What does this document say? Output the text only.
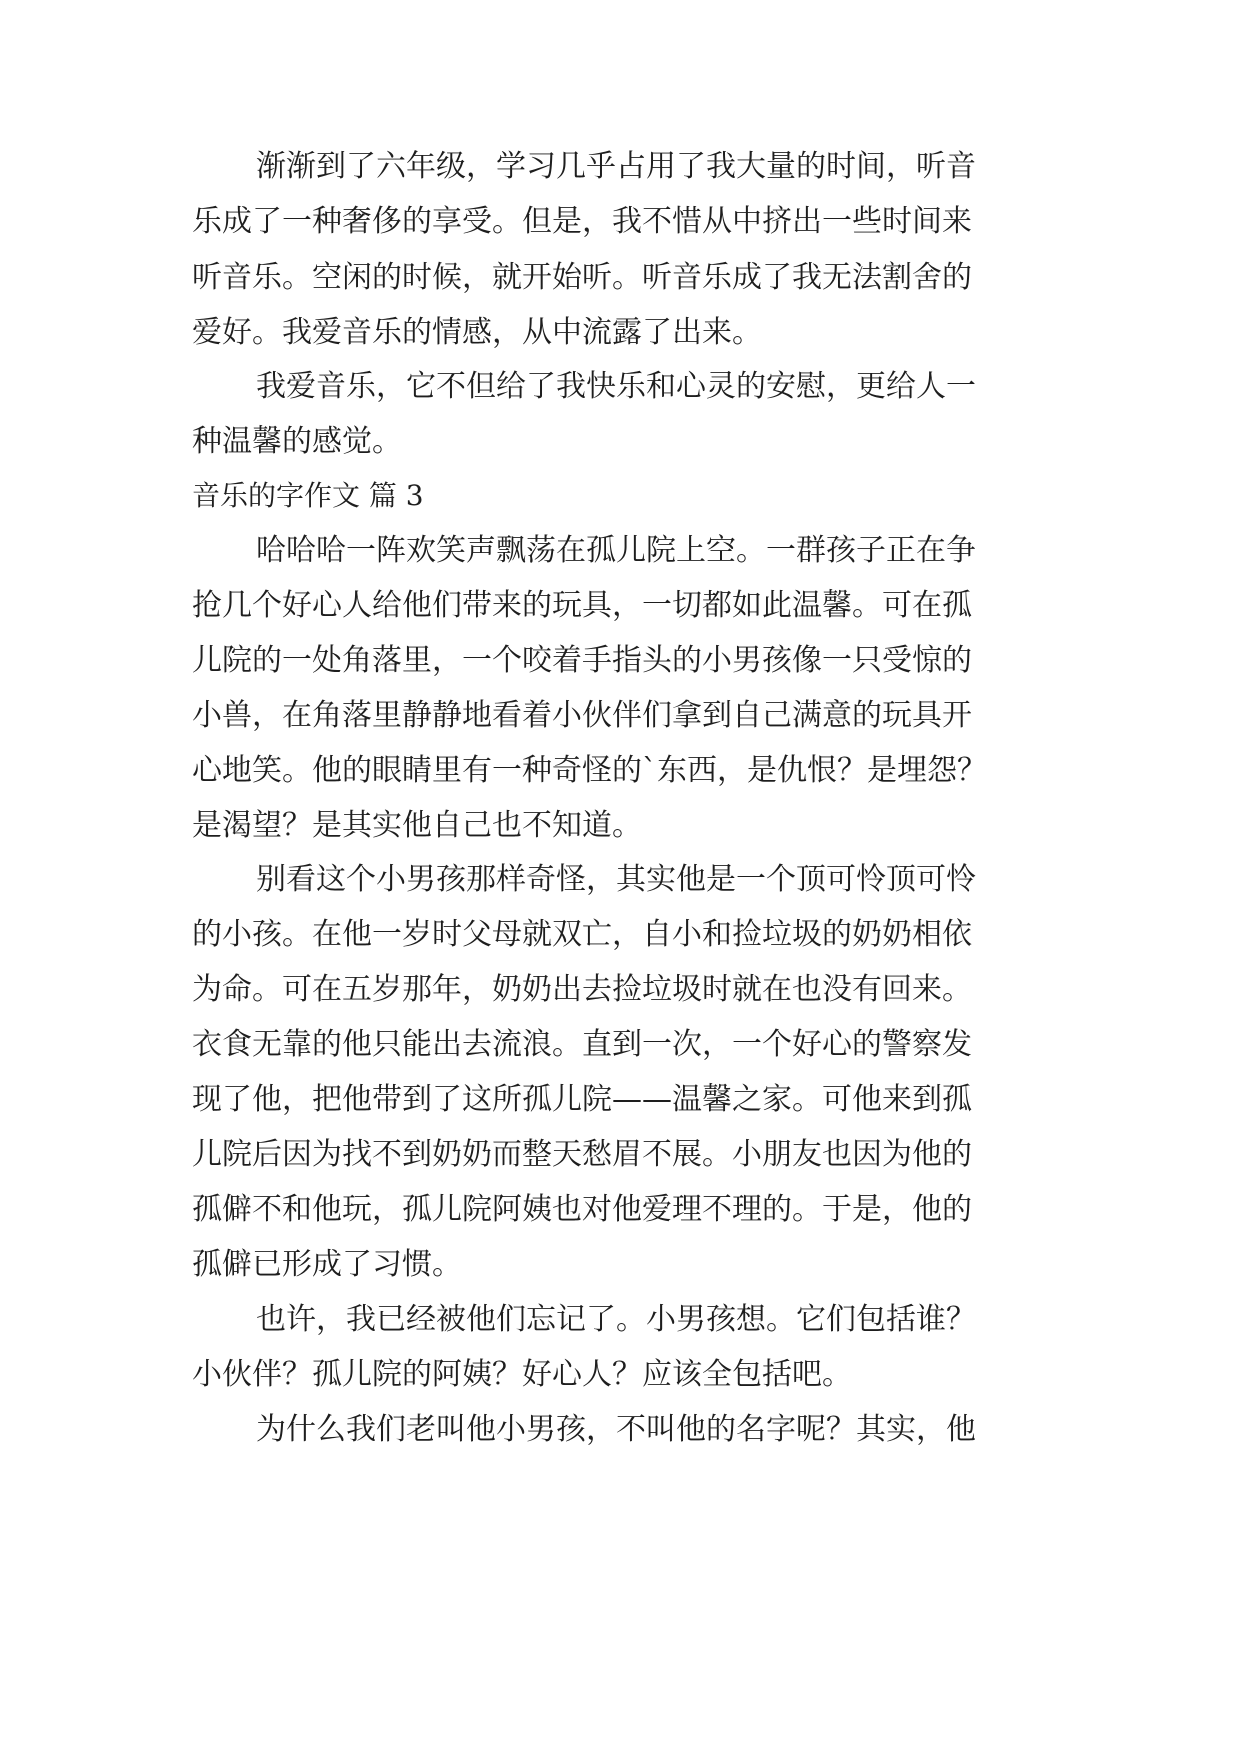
渐渐到了六年级，学习几乎占用了我大量的时间，听音
乐成了一种奢侈的享受。但是，我不惜从中挤出一些时间来
听音乐。空闲的时候，就开始听。听音乐成了我无法割舍的
爱好。我爱音乐的情感，从中流露了出来。
我爱音乐，它不但给了我快乐和心灵的安慰，更给人一
种温馨的感觉。
音乐的字作文 篇 3
哈哈哈一阵欢笑声飘荡在孤儿院上空。一群孩子正在争
抢几个好心人给他们带来的玩具，一切都如此温馨。可在孤
儿院的一处角落里，一个咬着手指头的小男孩像一只受惊的
小兽，在角落里静静地看着小伙伴们拿到自己满意的玩具开
心地笑。他的眼睛里有一种奇怪的`东西，是仇恨？是埋怨？
是渴望？是其实他自己也不知道。
别看这个小男孩那样奇怪，其实他是一个顶可怜顶可怜
的小孩。在他一岁时父母就双亡，自小和捡垃圾的奶奶相依
为命。可在五岁那年，奶奶出去捡垃圾时就在也没有回来。
衣食无靠的他只能出去流浪。直到一次，一个好心的警察发
现了他，把他带到了这所孤儿院——温馨之家。可他来到孤
儿院后因为找不到奶奶而整天愁眉不展。小朋友也因为他的
孤僻不和他玩，孤儿院阿姨也对他爱理不理的。于是，他的
孤僻已形成了习惯。
也许，我已经被他们忘记了。小男孩想。它们包括谁？
小伙伴？孤儿院的阿姨？好心人？应该全包括吧。
为什么我们老叫他小男孩，不叫他的名字呢？其实，他
